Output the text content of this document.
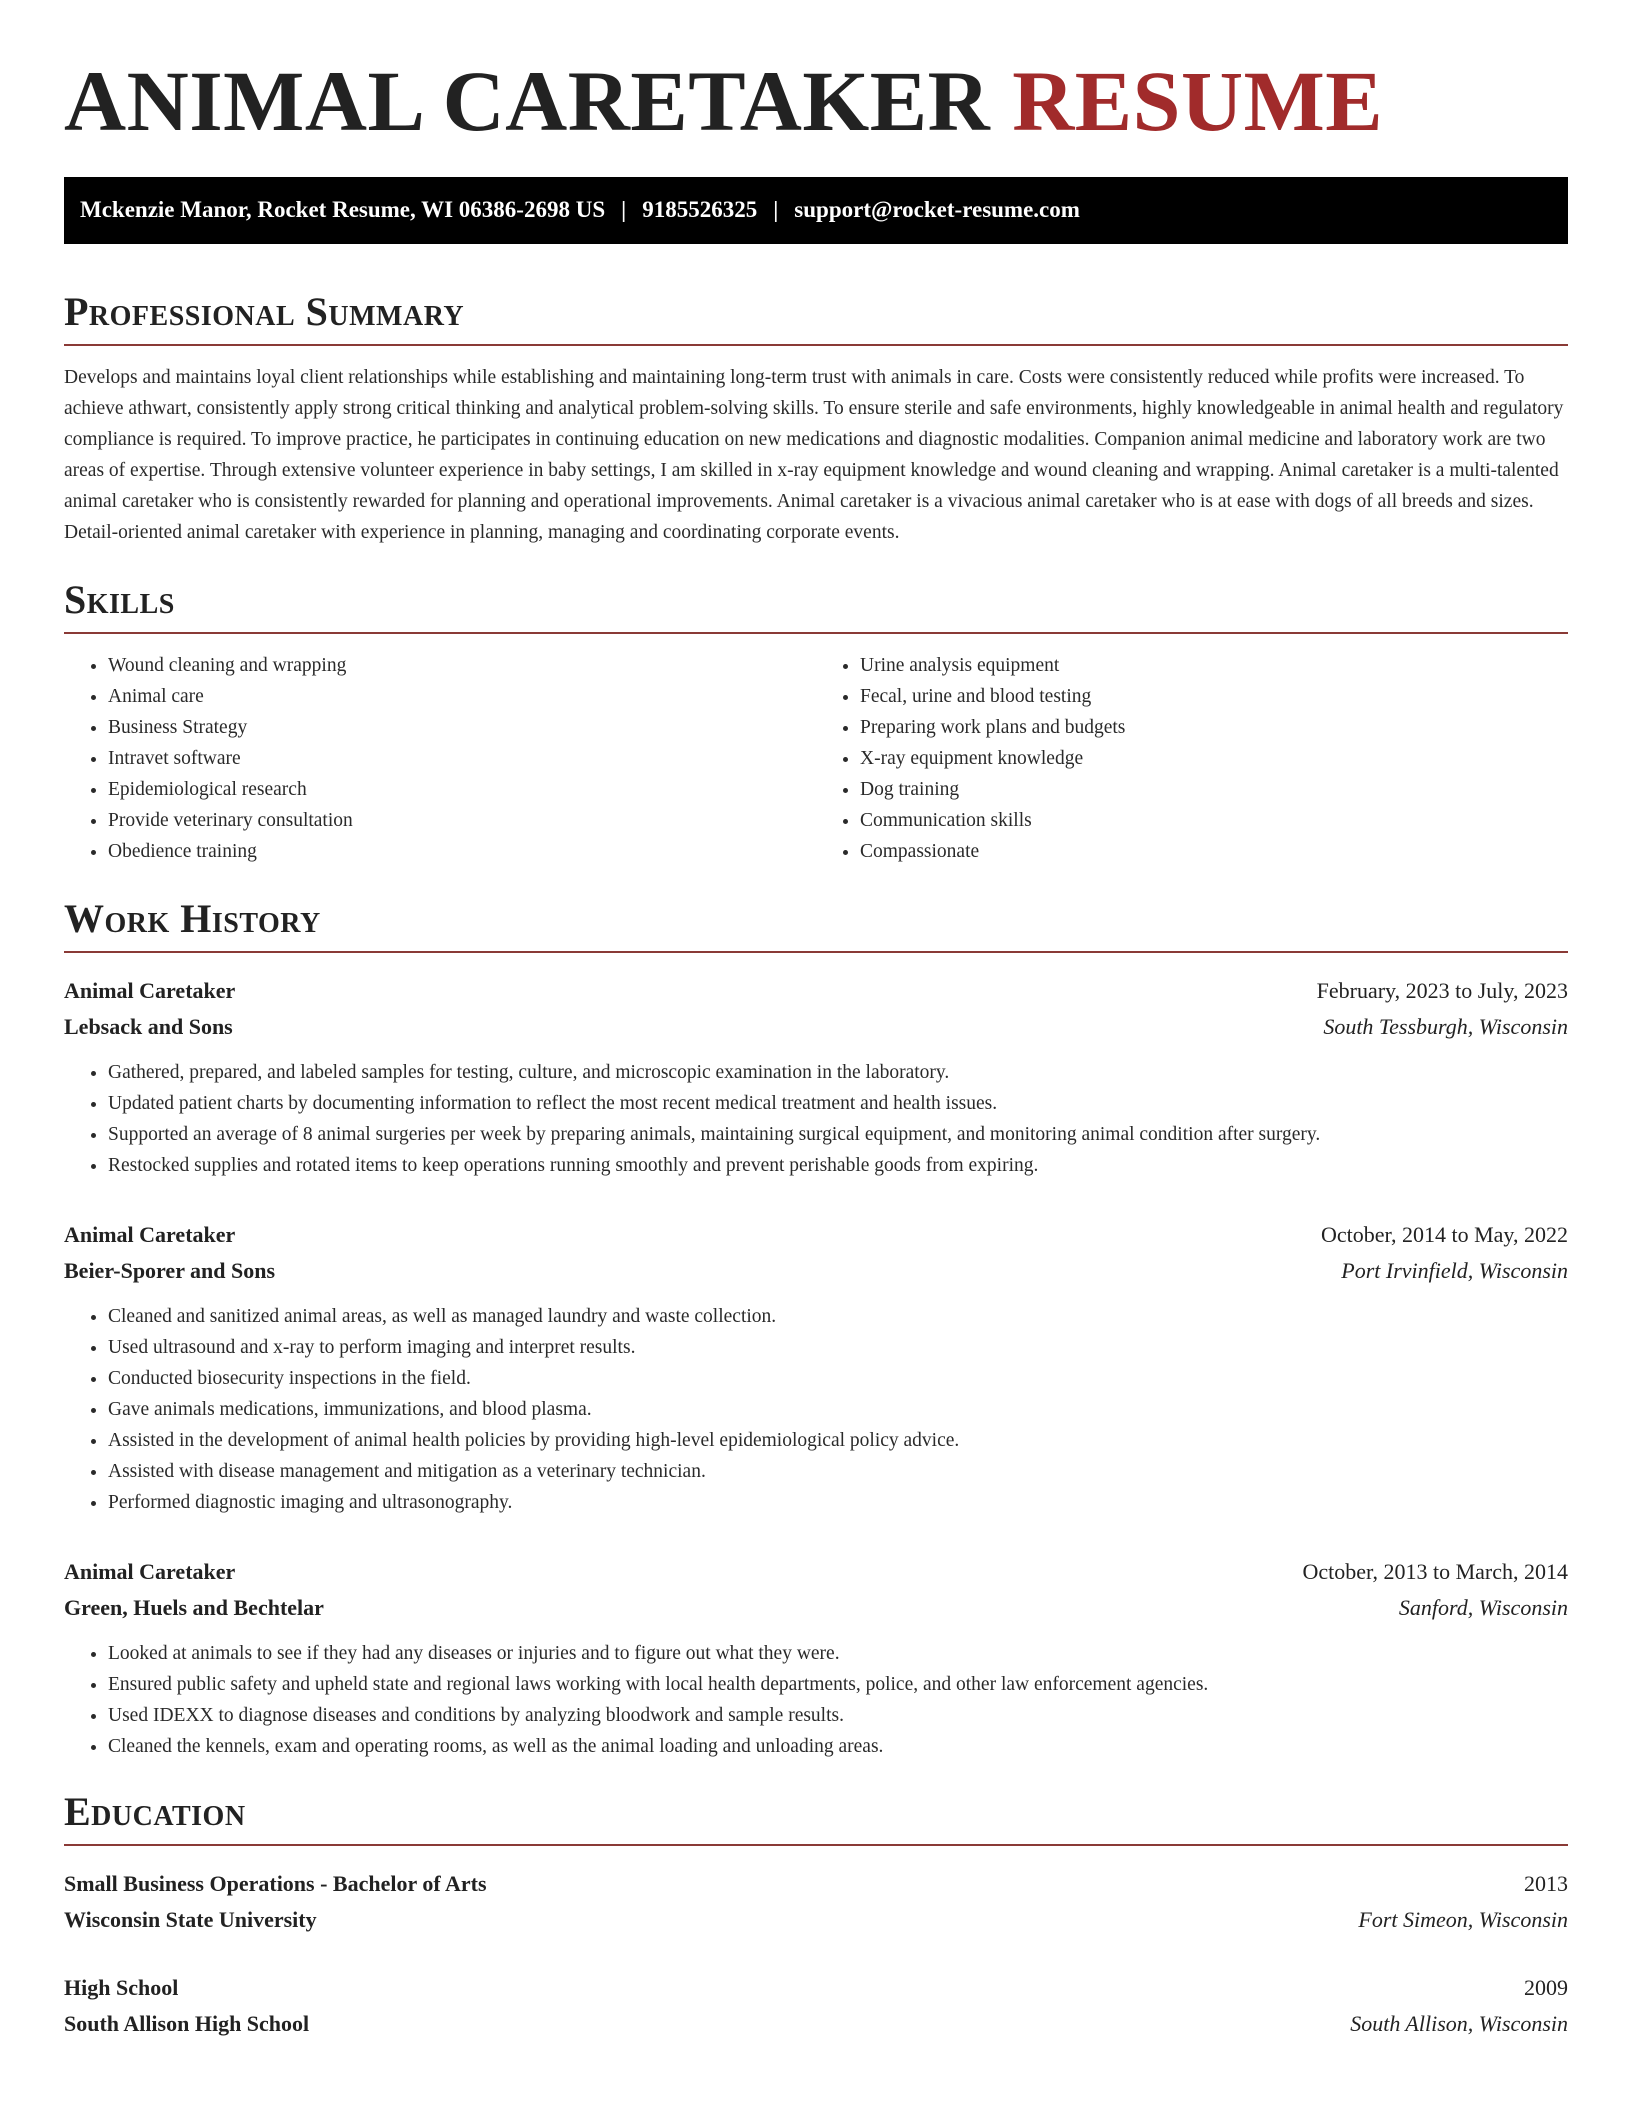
ANIMAL CARETAKER RESUME
Mckenzie Manor, Rocket Resume, WI 06386-2698 US | 9185526325 | support@rocket-resume.com
Professional Summary

Develops and maintains loyal client relationships while establishing and maintaining long-term trust with animals in care. Costs were consistently reduced while profits were increased. To achieve athwart, consistently apply strong critical thinking and analytical problem-solving skills. To ensure sterile and safe environments, highly knowledgeable in animal health and regulatory compliance is required. To improve practice, he participates in continuing education on new medications and diagnostic modalities. Companion animal medicine and laboratory work are two areas of expertise. Through extensive volunteer experience in baby settings, I am skilled in x-ray equipment knowledge and wound cleaning and wrapping. Animal caretaker is a multi-talented animal caretaker who is consistently rewarded for planning and operational improvements. Animal caretaker is a vivacious animal caretaker who is at ease with dogs of all breeds and sizes. Detail-oriented animal caretaker with experience in planning, managing and coordinating corporate events.

Skills
• Wound cleaning and wrapping
• Animal care
• Business Strategy
• Intravet software
• Epidemiological research
• Provide veterinary consultation
• Obedience training
• Urine analysis equipment
• Fecal, urine and blood testing
• Preparing work plans and budgets
• X-ray equipment knowledge
• Dog training
• Communication skills
• Compassionate
Work History
Animal Caretaker	February, 2023 to July, 2023
Lebsack and Sons	South Tessburgh, Wisconsin
• Gathered, prepared, and labeled samples for testing, culture, and microscopic examination in the laboratory.
• Updated patient charts by documenting information to reflect the most recent medical treatment and health issues.
• Supported an average of 8 animal surgeries per week by preparing animals, maintaining surgical equipment, and monitoring animal condition after surgery.
• Restocked supplies and rotated items to keep operations running smoothly and prevent perishable goods from expiring.
Animal Caretaker	October, 2014 to May, 2022
Beier-Sporer and Sons	Port Irvinfield, Wisconsin
• Cleaned and sanitized animal areas, as well as managed laundry and waste collection.
• Used ultrasound and x-ray to perform imaging and interpret results.
• Conducted biosecurity inspections in the field.
• Gave animals medications, immunizations, and blood plasma.
• Assisted in the development of animal health policies by providing high-level epidemiological policy advice.
• Assisted with disease management and mitigation as a veterinary technician.
• Performed diagnostic imaging and ultrasonography.
Animal Caretaker	October, 2013 to March, 2014
Green, Huels and Bechtelar	Sanford, Wisconsin
• Looked at animals to see if they had any diseases or injuries and to figure out what they were.
• Ensured public safety and upheld state and regional laws working with local health departments, police, and other law enforcement agencies.
• Used IDEXX to diagnose diseases and conditions by analyzing bloodwork and sample results.
• Cleaned the kennels, exam and operating rooms, as well as the animal loading and unloading areas.
Education
Small Business Operations - Bachelor of Arts	2013
Wisconsin State University	Fort Simeon, Wisconsin
High School	2009
South Allison High School	South Allison, Wisconsin
